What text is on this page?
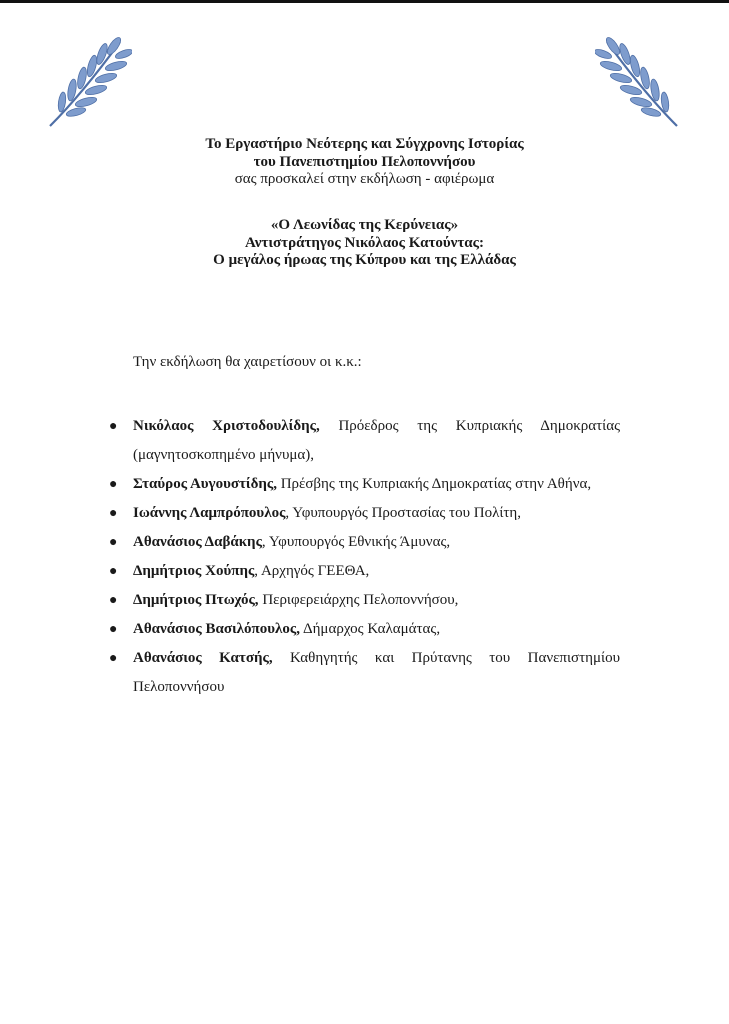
Το Εργαστήριο Νεότερης και Σύγχρονης Ιστορίας
του Πανεπιστημίου Πελοποννήσου
σας προσκαλεί στην εκδήλωση - αφιέρωμα
«Ο Λεωνίδας της Κερύνειας»
Αντιστράτηγος Νικόλαος Κατούντας:
Ο μεγάλος ήρωας της Κύπρου και της Ελλάδας
Την εκδήλωση θα χαιρετίσουν οι κ.κ.:
● Νικόλαος Χριστοδουλίδης, Πρόεδρος της Κυπριακής Δημοκρατίας (μαγνητοσκοπημένο μήνυμα),
● Σταύρος Αυγουστίδης, Πρέσβης της Κυπριακής Δημοκρατίας στην Αθήνα,
● Ιωάννης Λαμπρόπουλος, Υφυπουργός Προστασίας του Πολίτη,
● Αθανάσιος Δαβάκης, Υφυπουργός Εθνικής Άμυνας,
● Δημήτριος Χούπης, Αρχηγός ΓΕΕΘΑ,
● Δημήτριος Πτωχός, Περιφερειάρχης Πελοποννήσου,
● Αθανάσιος Βασιλόπουλος, Δήμαρχος Καλαμάτας,
● Αθανάσιος Κατσής, Καθηγητής και Πρύτανης του Πανεπιστημίου Πελοποννήσου
